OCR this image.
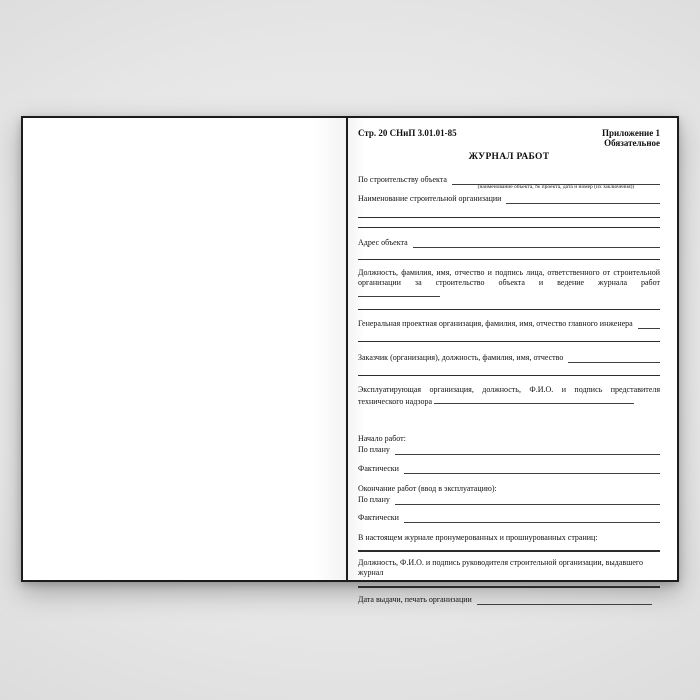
Стр. 20 СНиП 3.01.01-85	Приложение 1
Обязательное
ЖУРНАЛ РАБОТ
По строительству объекта
(наименование объекта, № проекта, дата и номер (их заключения))
Наименование строительной организации
Адрес объекта
Должность, фамилия, имя, отчество и подпись лица, ответственного от строительной организации за строительство объекта и ведение журнала работ
Генеральная проектная организация, фамилия, имя, отчество главного инженера
Заказчик (организация), должность, фамилия, имя, отчество
Эксплуатирующая организация, должность, Ф.И.О. и подпись представителя технического надзора
Начало работ:
По плану
Фактически
Окончание работ (ввод в эксплуатацию):
По плану
Фактически
В настоящем журнале пронумерованных и прошнурованных страниц:
Должность, Ф.И.О. и подпись руководителя строительной организации, выдавшего журнал
Дата выдачи, печать организации
